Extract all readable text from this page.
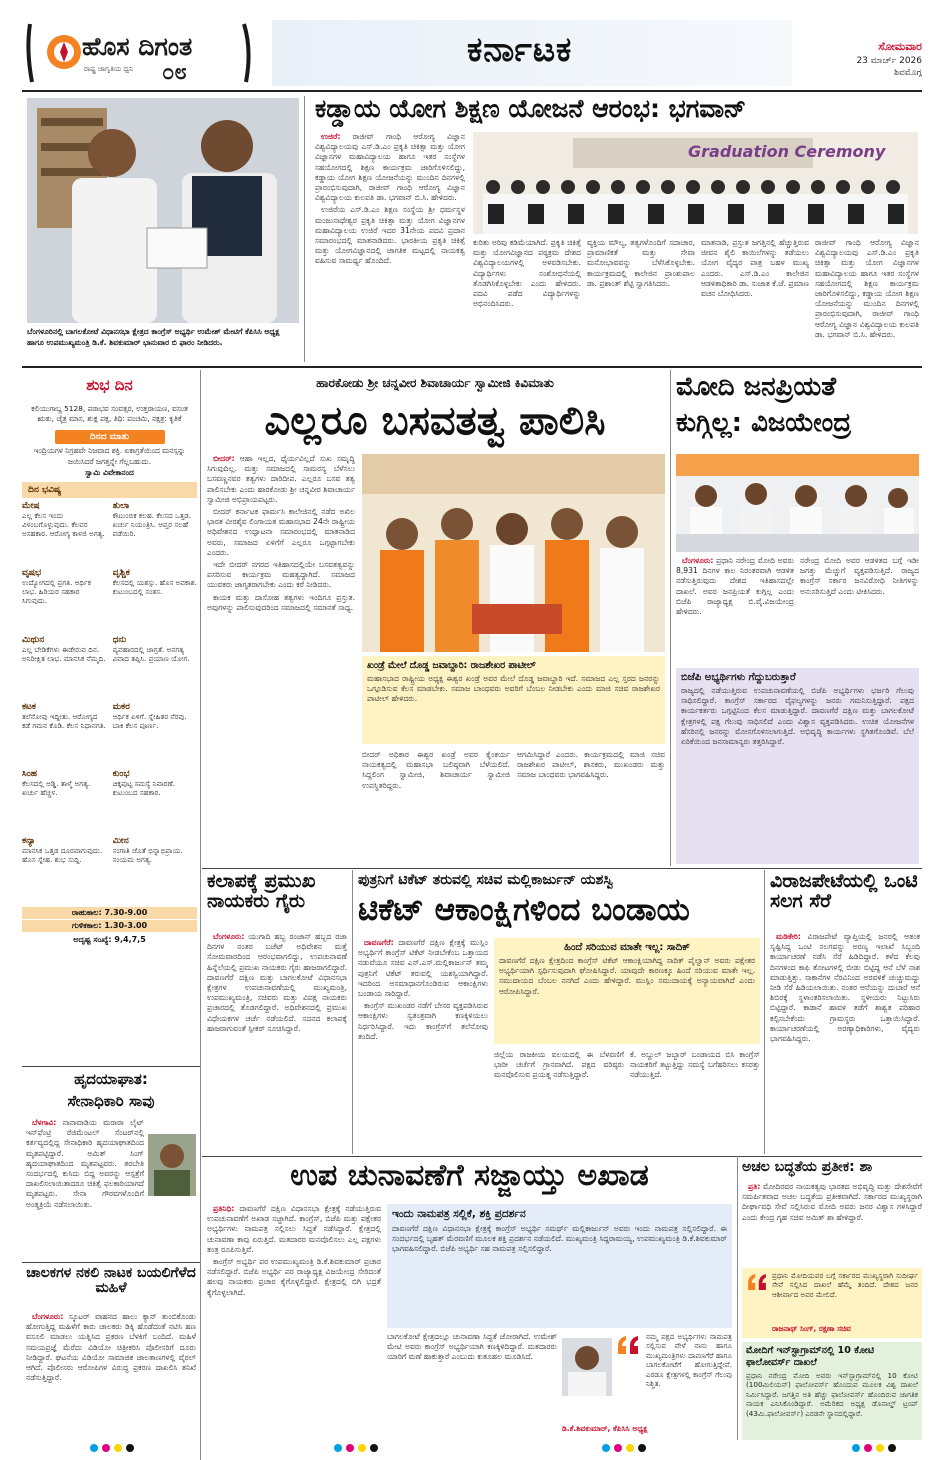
ಹೊಸ ದಿಗಂತ
ರಾಷ್ಟ್ರ ಜಾಗೃತಿಯ ಧ್ವನಿ ೦೮
ಕರ್ನಾಟಕ	ಸೋಮವಾರ
23 ಮಾರ್ಚ್ 2026
ಶಿವಮೊಗ್ಗ
ಬೆಂಗಳೂರಿನಲ್ಲಿ ಬಾಗಲಕೋಟೆ ವಿಧಾನಸಭಾ ಕ್ಷೇತ್ರದ ಕಾಂಗ್ರೆಸ್ ಅಭ್ಯರ್ಥಿ ಉಮೇಶ್ ಮೇಟಿಗೆ ಕೆಪಿಸಿಸಿ ಅಧ್ಯಕ್ಷ ಹಾಗೂ ಉಪಮುಖ್ಯಮಂತ್ರಿ ಡಿ.ಕೆ. ಶಿವಕುಮಾರ್ ಭಾನುವಾರ ಬಿ ಫಾರಂ ನೀಡಿದರು.
ಕಡ್ಡಾಯ ಯೋಗ ಶಿಕ್ಷಣ ಯೋಜನೆ ಆರಂಭ: ಭಗವಾನ್

ಉಜಿರೆ: ರಾಜೀವ್ ಗಾಂಧಿ ಆರೋಗ್ಯ ವಿಜ್ಞಾನ ವಿಶ್ವವಿದ್ಯಾಲಯವು ಎಸ್.ಡಿ.ಎಂ ಪ್ರಕೃತಿ ಚಿಕಿತ್ಸಾ ಮತ್ತು ಯೋಗ ವಿಜ್ಞಾನಗಳ ಮಹಾವಿದ್ಯಾಲಯ ಹಾಗೂ ಇತರ ಸಂಸ್ಥೆಗಳ ಸಹಯೋಗದಲ್ಲಿ ಶಿಕ್ಷಣ ಕಾರ್ಯಕ್ರಮ ಜಾರಿಗೊಳಿಸಲಿದ್ದು, ಕಡ್ಡಾಯ ಯೋಗ ಶಿಕ್ಷಣ ಯೋಜನೆಯನ್ನು ಮುಂದಿನ ದಿನಗಳಲ್ಲಿ ಪ್ರಾರಂಭಿಸುವುದಾಗಿ, ರಾಜೀವ್ ಗಾಂಧಿ ಆರೋಗ್ಯ ವಿಜ್ಞಾನ ವಿಶ್ವವಿದ್ಯಾಲಯ ಕುಲಪತಿ ಡಾ. ಭಗವಾನ್ ಬಿ.ಸಿ. ಹೇಳಿದರು.

ಉಜಿರೆಯ ಎಸ್.ಡಿ.ಎಂ ಶಿಕ್ಷಣ ಸಂಸ್ಥೆಯ ಶ್ರೀ ಧರ್ಮಸ್ಥಳ ಮಂಜುನಾಥೇಶ್ವರ ಪ್ರಕೃತಿ ಚಿಕಿತ್ಸಾ ಮತ್ತು ಯೋಗ ವಿಜ್ಞಾನಗಳ ಮಹಾವಿದ್ಯಾಲಯ ಉಜಿರೆ ಇದರ 31ನೇಯ ಪದವಿ ಪ್ರದಾನ ಸಮಾರಂಭದಲ್ಲಿ ಮಾತನಾಡಿದರು. ಭಾರತೀಯ ಪ್ರಕೃತಿ ಚಿಕಿತ್ಸೆ ಮತ್ತು ಯೋಗವಿಜ್ಞಾನದಲ್ಲಿ ಜಾಗತಿಕ ಮಟ್ಟದಲ್ಲಿ ನಾಯಕತ್ವ ವಹಿಸುವ ಸಾಮರ್ಥ್ಯ ಹೊಂದಿದೆ.

Graduation Ceremony
ಕುರಿತು ಅರಿವು ಕಡಿಮೆಯಾಗಿದೆ. ಪ್ರಕೃತಿ ಚಿಕಿತ್ಸೆ ಮತ್ತು ಯೋಗವಿಜ್ಞಾನದ ಪಠ್ಯಕ್ರಮ ದೇಶದ ವಿಶ್ವವಿದ್ಯಾಲಯಗಳಲ್ಲಿ ಅಳವಡಿಸಬೇಕು. ವಿದ್ಯಾರ್ಥಿಗಳು ಸಂಶೋಧನೆಯಲ್ಲಿ ತೊಡಗಿಸಿಕೊಳ್ಳಬೇಕು ಎಂದು ಹೇಳಿದರು. ಪದವಿ ಪಡೆದ ವಿದ್ಯಾರ್ಥಿಗಳನ್ನು ಅಭಿನಂದಿಸಿದರು.
ವ್ಯಕ್ತಿಯ ಮೌಲ್ಯ, ತತ್ವಗಳೊಂದಿಗೆ ಸದಾಚಾರ, ಪ್ರಾಮಾಣಿಕತೆ ಮತ್ತು ಸೇವಾ ಮನೋಭಾವವನ್ನು ಬೆಳೆಸಿಕೊಳ್ಳಬೇಕು. ಕಾರ್ಯಕ್ರಮದಲ್ಲಿ ಕಾಲೇಜಿನ ಪ್ರಾಂಶುಪಾಲ ಡಾ. ಪ್ರಶಾಂತ್ ಶೆಟ್ಟಿ ಸ್ವಾಗತಿಸಿದರು.
ಮಾತನಾಡಿ, ಪ್ರಸ್ತುತ ಜಗತ್ತಿನಲ್ಲಿ ಹೆಚ್ಚುತ್ತಿರುವ ಜೀವನ ಶೈಲಿ ಕಾಯಿಲೆಗಳನ್ನು ತಡೆಯಲು ಯೋಗ ವೈದ್ಯರ ಪಾತ್ರ ಬಹಳ ಮುಖ್ಯ ಎಂದರು. ಎಸ್.ಡಿ.ಎಂ ಕಾಲೇಜಿನ ಆಡಳಿತಾಧಿಕಾರಿ ಡಾ. ಸುಜಾತ ಕೆ.ಜೆ. ಪ್ರಮಾಣ ವಚನ ಬೋಧಿಸಿದರು.
ರಾಜೀವ್ ಗಾಂಧಿ ಆರೋಗ್ಯ ವಿಜ್ಞಾನ ವಿಶ್ವವಿದ್ಯಾಲಯವು ಎಸ್.ಡಿ.ಎಂ ಪ್ರಕೃತಿ ಚಿಕಿತ್ಸಾ ಮತ್ತು ಯೋಗ ವಿಜ್ಞಾನಗಳ ಮಹಾವಿದ್ಯಾಲಯ ಹಾಗೂ ಇತರ ಸಂಸ್ಥೆಗಳ ಸಹಯೋಗದಲ್ಲಿ ಶಿಕ್ಷಣ ಕಾರ್ಯಕ್ರಮ ಜಾರಿಗೊಳಿಸಲಿದ್ದು, ಕಡ್ಡಾಯ ಯೋಗ ಶಿಕ್ಷಣ ಯೋಜನೆಯನ್ನು ಮುಂದಿನ ದಿನಗಳಲ್ಲಿ ಪ್ರಾರಂಭಿಸುವುದಾಗಿ, ರಾಜೀವ್ ಗಾಂಧಿ ಆರೋಗ್ಯ ವಿಜ್ಞಾನ ವಿಶ್ವವಿದ್ಯಾಲಯ ಕುಲಪತಿ ಡಾ. ಭಗವಾನ್ ಬಿ.ಸಿ. ಹೇಳಿದರು.
ಶುಭ ದಿನ
ಕಲಿಯುಗಾಬ್ದ 5128, ಪರಾಭವ ಸಂವತ್ಸರ, ಉತ್ತರಾಯಣ, ವಸಂತ ಋತು, ಚೈತ್ರ ಮಾಸ, ಶುಕ್ಲ ಪಕ್ಷ, ತಿಥಿ: ಪಂಚಮಿ, ನಕ್ಷತ್ರ: ಕೃತಿಕೆ
ದಿನದ ಮಾತು
ಇಂದ್ರಿಯಗಳ ನಿಗ್ರಹವೇ ನಿಜವಾದ ಶಕ್ತಿ. ಏಕಾಗ್ರತೆಯಿಂದ ಮನಸ್ಸನ್ನು ಜಯಿಸಿದರೆ ಜಗತ್ತನ್ನೇ ಗೆಲ್ಲಬಹುದು.
ಸ್ವಾಮಿ ವಿವೇಕಾನಂದ
ದಿನ ಭವಿಷ್ಯ
ಮೇಷ
ಎಲ್ಲ ಕೆಲಸ ಇಂದು ವಿಳಂಬಗೊಳ್ಳುವುದು. ಕೆಲವರ ಅಸಹಕಾರ. ಆರೋಗ್ಯ ಕಾಳಜಿ ಅಗತ್ಯ.
ತುಲಾ
ಕೌಟುಂಬಿಕ ಕಲಹ. ಕೆಲಸದ ಒತ್ತಡ. ಖರ್ಚು ನಿಯಂತ್ರಿಸಿ. ಆಪ್ತರ ಸಲಹೆ ಪಡೆಯಿರಿ.
ವೃಷಭ
ಉದ್ಯೋಗದಲ್ಲಿ ಪ್ರಗತಿ. ಆರ್ಥಿಕ ಲಾಭ. ಹಿರಿಯರ ಸಹಕಾರ ಸಿಗುವುದು.
ವೃಶ್ಚಿಕ
ಕೆಲಸದಲ್ಲಿ ಯಶಸ್ಸು. ಹೊಸ ಅವಕಾಶ. ಕುಟುಂಬದಲ್ಲಿ ಸಂತಸ.
ಮಿಥುನ
ಎಲ್ಲ ಬೇಡಿಕೆಗಳು ಈಡೇರುವ ದಿನ. ಅನಿರೀಕ್ಷಿತ ಲಾಭ. ಮಾನಸಿಕ ನೆಮ್ಮದಿ.
ಧನು
ವ್ಯವಹಾರದಲ್ಲಿ ಜಾಗ್ರತೆ. ಅನಗತ್ಯ ವಿವಾದ ತಪ್ಪಿಸಿ. ಪ್ರಯಾಣ ಯೋಗ.
ಕಟಕ
ತಲೆನೋವು ಇದ್ದೀತು. ಆರೋಗ್ಯದ ಕಡೆ ಗಮನ ಕೊಡಿ. ಕೆಲಸ ನಿಧಾನಗತಿ.
ಮಕರ
ಆರ್ಥಿಕ ಏಳಿಗೆ. ಸ್ನೇಹಿತರ ನೆರವು. ಬಾಕಿ ಕೆಲಸ ಪೂರ್ಣ.
ಸಿಂಹ
ಕೆಲಸದಲ್ಲಿ ಅಡ್ಡಿ. ತಾಳ್ಮೆ ಅಗತ್ಯ. ಖರ್ಚು ಹೆಚ್ಚಳ.
ಕುಂಭ
ಚಿಕ್ಕಪುಟ್ಟ ಸಮಸ್ಯೆ ನಿವಾರಣೆ. ಕುಟುಂಬದ ಸಹಕಾರ.
ಕನ್ಯಾ
ಮಾನಸಿಕ ಒತ್ತಡ ದೂರವಾಗುವುದು. ಹೊಸ ಸ್ನೇಹ. ಶುಭ ಸುದ್ದಿ.
ಮೀನ
ಸಂಗಾತಿ ಜೊತೆ ಭಿನ್ನಾಭಿಪ್ರಾಯ. ಸಂಯಮ ಅಗತ್ಯ.
ರಾಹುಕಾಲ: 7.30-9.00
ಗುಳಿಕಕಾಲ: 1.30-3.00
ಅದೃಷ್ಟ ಸಂಖ್ಯೆ: 9,4,7,5
ಹಾರಕೋಡು ಶ್ರೀ ಚನ್ನವೀರ ಶಿವಾಚಾರ್ಯ ಸ್ವಾಮೀಜಿ ಕಿವಿಮಾತು
ಎಲ್ಲರೂ ಬಸವತತ್ವ ಪಾಲಿಸಿ

ಬೀದರ್: ಆಹಾ ಇಲ್ಲದ, ಧೈರ್ಯವಿಲ್ಲದೆ ಸುಖ ಸಮೃದ್ಧಿ ಸಿಗುವುದಿಲ್ಲ. ಮತ್ತು ಸಮಾಜದಲ್ಲಿ ಸಾಮರಸ್ಯ ಬೆಳೆಸಲು ಬಸವಣ್ಣನವರ ತತ್ವಗಳು ದಾರಿದೀಪ. ಎಲ್ಲರೂ ಬಸವ ತತ್ವ ಪಾಲಿಸಬೇಕು ಎಂದು ಹಾರಕೋಡು ಶ್ರೀ ಚನ್ನವೀರ ಶಿವಾಚಾರ್ಯ ಸ್ವಾಮೀಜಿ ಅಭಿಪ್ರಾಯಪಟ್ಟರು.

ಬೀದರ್ ಕರ್ನಾಟಕ ಫಾರ್ಮಸಿ ಕಾಲೇಜಿನಲ್ಲಿ ನಡೆದ ಅಖಿಲ ಭಾರತ ವೀರಶೈವ ಲಿಂಗಾಯತ ಮಹಾಸಭಾದ 24ನೇ ರಾಷ್ಟ್ರೀಯ ಅಧಿವೇಶನದ ಉದ್ಘಾಟನಾ ಸಮಾರಂಭದಲ್ಲಿ ಮಾತನಾಡಿದ ಅವರು, ಸಮಾಜದ ಏಳಿಗೆಗೆ ಎಲ್ಲರೂ ಒಗ್ಗಟ್ಟಾಗಬೇಕು ಎಂದರು.

ಇದೇ ಬೀದರ್ ನಗರದ ಇತಿಹಾಸದಲ್ಲಿಯೇ ಬಸವತತ್ವವನ್ನು ಪಸರಿಸುವ ಕಾರ್ಯಕ್ರಮ ಮಹತ್ವದ್ದಾಗಿದೆ. ಸಮಾಜದ ಯುವಕರು ಜಾಗೃತರಾಗಬೇಕು ಎಂದು ಕರೆ ನೀಡಿದರು.

ಕಾಯಕ ಮತ್ತು ದಾಸೋಹ ತತ್ವಗಳು ಇಂದಿಗೂ ಪ್ರಸ್ತುತ. ಅವುಗಳನ್ನು ಪಾಲಿಸುವುದರಿಂದ ಸಮಾಜದಲ್ಲಿ ಸಮಾನತೆ ಸಾಧ್ಯ.

ಖಂಡ್ರೆ ಮೇಲೆ ದೊಡ್ಡ ಜವಾಬ್ದಾರಿ: ರಾಜಶೇಖರ ಪಾಟೀಲ್
ಮಹಾಸಭಾದ ರಾಷ್ಟ್ರೀಯ ಅಧ್ಯಕ್ಷ ಈಶ್ವರ ಖಂಡ್ರೆ ಅವರ ಮೇಲೆ ದೊಡ್ಡ ಜವಾಬ್ದಾರಿ ಇದೆ. ಸಮಾಜದ ಎಲ್ಲ ಸ್ತರದ ಜನರನ್ನು ಒಗ್ಗೂಡಿಸುವ ಕೆಲಸ ಮಾಡಬೇಕು. ಸಮಾಜ ಬಾಂಧವರು ಅವರಿಗೆ ಬೆಂಬಲ ನೀಡಬೇಕು ಎಂದು ಮಾಜಿ ಸಚಿವ ರಾಜಶೇಖರ ಪಾಟೀಲ್ ಹೇಳಿದರು.
ಬೀದರ್ ಅಧಿಕಾರ ಈಶ್ವರ ಖಂಡ್ರೆ ಅವರ ಕೈಂಕರ್ಯ ನಾಯಕತ್ವದಲ್ಲಿ ಮಹಾಸಭಾ ಬಲಿಷ್ಠವಾಗಿ ಬೆಳೆಯಲಿದೆ. ಸಿದ್ದಲಿಂಗ ಸ್ವಾಮೀಜಿ, ಶಿವಾಚಾರ್ಯ ಸ್ವಾಮೀಜಿ ಉಪಸ್ಥಿತರಿದ್ದರು.
ಆಗಮಿಸಿದ್ದಾರೆ ಎಂದರು. ಕಾರ್ಯಕ್ರಮದಲ್ಲಿ ಮಾಜಿ ಸಚಿವ ರಾಜಶೇಖರ ಪಾಟೀಲ್, ಶಾಸಕರು, ಮುಖಂಡರು ಮತ್ತು ಸಮಾಜ ಬಾಂಧವರು ಭಾಗವಹಿಸಿದ್ದರು.
ಮೋದಿ ಜನಪ್ರಿಯತೆ
ಕುಗ್ಗಿಲ್ಲ: ವಿಜಯೇಂದ್ರ

ಬೆಂಗಳೂರು: ಪ್ರಧಾನಿ ನರೇಂದ್ರ ಮೋದಿ ಅವರು 8,931 ದಿನಗಳ ಕಾಲ ನಿರಂತರವಾಗಿ ಆಡಳಿತ ನಡೆಸುತ್ತಿರುವುದು ದೇಶದ ಇತಿಹಾಸದಲ್ಲೇ ದಾಖಲೆ. ಅವರ ಜನಪ್ರಿಯತೆ ಕುಗ್ಗಿಲ್ಲ ಎಂದು ಬಿಜೆಪಿ ರಾಜ್ಯಾಧ್ಯಕ್ಷ ಬಿ.ವೈ.ವಿಜಯೇಂದ್ರ ಹೇಳಿದರು.

ನರೇಂದ್ರ ಮೋದಿ ಅವರ ಆಡಳಿತದ ಬಗ್ಗೆ ಇಡೀ ಜಗತ್ತು ಮೆಚ್ಚುಗೆ ವ್ಯಕ್ತಪಡಿಸುತ್ತಿದೆ. ರಾಜ್ಯದ ಕಾಂಗ್ರೆಸ್ ಸರ್ಕಾರ ಜನವಿರೋಧಿ ನೀತಿಗಳನ್ನು ಅನುಸರಿಸುತ್ತಿದೆ ಎಂದು ಟೀಕಿಸಿದರು.
ಬಿಜೆಪಿ ಅಭ್ಯರ್ಥಿಗಳು ಗೆದ್ದುಬರುತ್ತಾರೆ
ರಾಜ್ಯದಲ್ಲಿ ನಡೆಯುತ್ತಿರುವ ಉಪಚುನಾವಣೆಯಲ್ಲಿ ಬಿಜೆಪಿ ಅಭ್ಯರ್ಥಿಗಳು ಭರ್ಜರಿ ಗೆಲುವು ಸಾಧಿಸಲಿದ್ದಾರೆ. ಕಾಂಗ್ರೆಸ್ ಸರ್ಕಾರದ ವೈಫಲ್ಯಗಳನ್ನು ಜನರು ಗಮನಿಸುತ್ತಿದ್ದಾರೆ. ಪಕ್ಷದ ಕಾರ್ಯಕರ್ತರು ಒಗ್ಗಟ್ಟಿನಿಂದ ಕೆಲಸ ಮಾಡುತ್ತಿದ್ದಾರೆ. ದಾವಣಗೆರೆ ದಕ್ಷಿಣ ಮತ್ತು ಬಾಗಲಕೋಟೆ ಕ್ಷೇತ್ರಗಳಲ್ಲಿ ಪಕ್ಷ ಗೆಲುವು ಸಾಧಿಸಲಿದೆ ಎಂದು ವಿಶ್ವಾಸ ವ್ಯಕ್ತಪಡಿಸಿದರು. ಉಚಿತ ಯೋಜನೆಗಳ ಹೆಸರಿನಲ್ಲಿ ಜನರನ್ನು ಮೋಸಗೊಳಿಸಲಾಗುತ್ತಿದೆ. ಅಭಿವೃದ್ಧಿ ಕಾರ್ಯಗಳು ಸ್ಥಗಿತಗೊಂಡಿವೆ. ಬೆಲೆ ಏರಿಕೆಯಿಂದ ಜನಸಾಮಾನ್ಯರು ತತ್ತರಿಸಿದ್ದಾರೆ.
ಕಲಾಪಕ್ಕೆ ಪ್ರಮುಖ ನಾಯಕರು ಗೈರು

ಬೆಂಗಳೂರು: ಯುಗಾದಿ ಹಬ್ಬ ರಂಜಾನ್ ಹಬ್ಬದ ರಜಾ ದಿನಗಳ ನಂತರ ಬಜೆಟ್ ಅಧಿವೇಶನ ಮತ್ತೆ ಸೋಮವಾರದಿಂದ ಆರಂಭವಾಗಲಿದ್ದು, ಉಪಚುನಾವಣೆ ಹಿನ್ನೆಲೆಯಲ್ಲಿ ಪ್ರಮುಖ ನಾಯಕರು ಗೈರು ಹಾಜರಾಗಲಿದ್ದಾರೆ. ದಾವಣಗೆರೆ ದಕ್ಷಿಣ ಮತ್ತು ಬಾಗಲಕೋಟೆ ವಿಧಾನಸಭಾ ಕ್ಷೇತ್ರಗಳ ಉಪಚುನಾವಣೆಯಲ್ಲಿ ಮುಖ್ಯಮಂತ್ರಿ, ಉಪಮುಖ್ಯಮಂತ್ರಿ, ಸಚಿವರು ಮತ್ತು ವಿಪಕ್ಷ ನಾಯಕರು ಪ್ರಚಾರದಲ್ಲಿ ತೊಡಗಲಿದ್ದಾರೆ. ಅಧಿವೇಶನದಲ್ಲಿ ಪ್ರಮುಖ ವಿಧೇಯಕಗಳ ಚರ್ಚೆ ನಡೆಯಲಿದೆ. ಸದನದ ಕಲಾಪಕ್ಕೆ ಹಾಜರಾಗುವಂತೆ ಸ್ಪೀಕರ್ ಸೂಚಿಸಿದ್ದಾರೆ.

ಪುತ್ರನಿಗೆ ಟಿಕೆಟ್ ತರುವಲ್ಲಿ ಸಚಿವ ಮಲ್ಲಿಕಾರ್ಜುನ್ ಯಶಸ್ವಿ
ಟಿಕೆಟ್ ಆಕಾಂಕ್ಷಿಗಳಿಂದ ಬಂಡಾಯ

ದಾವಣಗೆರೆ: ದಾವಣಗೆರೆ ದಕ್ಷಿಣ ಕ್ಷೇತ್ರಕ್ಕೆ ಮುಸ್ಲಿಂ ಅಭ್ಯರ್ಥಿಗೆ ಕಾಂಗ್ರೆಸ್ ಟಿಕೆಟ್ ನೀಡಬೇಕೆಂಬ ಒತ್ತಾಯದ ನಡುವೆಯೂ ಸಚಿವ ಎಸ್.ಎಸ್.ಮಲ್ಲಿಕಾರ್ಜುನ್ ತಮ್ಮ ಪುತ್ರನಿಗೆ ಟಿಕೆಟ್ ತರುವಲ್ಲಿ ಯಶಸ್ವಿಯಾಗಿದ್ದಾರೆ. ಇದರಿಂದ ಅಸಮಾಧಾನಗೊಂಡಿರುವ ಆಕಾಂಕ್ಷಿಗಳು ಬಂಡಾಯ ಸಾರಿದ್ದಾರೆ.

ಕಾಂಗ್ರೆಸ್ ಮುಖಂಡರ ನಡೆಗೆ ಬೇಸರ ವ್ಯಕ್ತಪಡಿಸಿರುವ ಆಕಾಂಕ್ಷಿಗಳು ಸ್ವತಂತ್ರವಾಗಿ ಕಣಕ್ಕಿಳಿಯಲು ನಿರ್ಧರಿಸಿದ್ದಾರೆ. ಇದು ಕಾಂಗ್ರೆಸ್‌ಗೆ ತಲೆನೋವು ತಂದಿದೆ.

ಹಿಂದೆ ಸರಿಯುವ ಮಾತೇ ಇಲ್ಲ: ಸಾದಿಕ್
ದಾವಣಗೆರೆ ದಕ್ಷಿಣ ಕ್ಷೇತ್ರದಿಂದ ಕಾಂಗ್ರೆಸ್ ಟಿಕೆಟ್ ಆಕಾಂಕ್ಷಿಯಾಗಿದ್ದ ಸಾದಿಕ್ ಪೈಲ್ವಾನ್ ಅವರು ಪಕ್ಷೇತರ ಅಭ್ಯರ್ಥಿಯಾಗಿ ಸ್ಪರ್ಧಿಸುವುದಾಗಿ ಘೋಷಿಸಿದ್ದಾರೆ. ಯಾವುದೇ ಕಾರಣಕ್ಕೂ ಹಿಂದೆ ಸರಿಯುವ ಮಾತೇ ಇಲ್ಲ. ಸಮುದಾಯದ ಬೆಂಬಲ ನನಗಿದೆ ಎಂದು ಹೇಳಿದ್ದಾರೆ. ಮುಸ್ಲಿಂ ಸಮುದಾಯಕ್ಕೆ ಅನ್ಯಾಯವಾಗಿದೆ ಎಂದು ಆರೋಪಿಸಿದ್ದಾರೆ.
ಜಿಲ್ಲೆಯ ರಾಜಕೀಯ ವಲಯದಲ್ಲಿ ಈ ಬೆಳವಣಿಗೆ ಭಾರೀ ಚರ್ಚೆಗೆ ಗ್ರಾಸವಾಗಿದೆ. ಪಕ್ಷದ ವರಿಷ್ಠರು ಮನವೊಲಿಸುವ ಪ್ರಯತ್ನ ನಡೆಸುತ್ತಿದ್ದಾರೆ.
ಕೆ. ಅಬ್ದುಲ್ ಜಬ್ಬಾರ್ ಬಂಡಾಯದ ಬಿಸಿ ಕಾಂಗ್ರೆಸ್ ನಾಯಕರಿಗೆ ತಟ್ಟುತ್ತಿದ್ದು ಸಮಸ್ಯೆ ಬಗೆಹರಿಸಲು ಕಸರತ್ತು ನಡೆಯುತ್ತಿದೆ.
ವಿರಾಜಪೇಟೆಯಲ್ಲಿ ಒಂಟಿ ಸಲಗ ಸೆರೆ

ಮಡಿಕೇರಿ: ವಿರಾಜಪೇಟೆ ವ್ಯಾಪ್ತಿಯಲ್ಲಿ ಜನರಲ್ಲಿ ಆತಂಕ ಸೃಷ್ಟಿಸಿದ್ದ ಒಂಟಿ ಸಲಗವನ್ನು ಅರಣ್ಯ ಇಲಾಖೆ ಸಿಬ್ಬಂದಿ ಕಾರ್ಯಾಚರಣೆ ನಡೆಸಿ ಸೆರೆ ಹಿಡಿದಿದ್ದಾರೆ. ಕಳೆದ ಕೆಲವು ದಿನಗಳಿಂದ ಕಾಫಿ ತೋಟಗಳಲ್ಲಿ ಬೀಡು ಬಿಟ್ಟಿದ್ದ ಆನೆ ಬೆಳೆ ನಾಶ ಮಾಡುತ್ತಿತ್ತು. ಸಾಕಾನೆಗಳ ನೆರವಿನಿಂದ ಅರವಳಿಕೆ ಚುಚ್ಚುಮದ್ದು ನೀಡಿ ಸೆರೆ ಹಿಡಿಯಲಾಯಿತು. ನಂತರ ಆನೆಯನ್ನು ದುಬಾರೆ ಆನೆ ಶಿಬಿರಕ್ಕೆ ಸ್ಥಳಾಂತರಿಸಲಾಯಿತು. ಸ್ಥಳೀಯರು ನಿಟ್ಟುಸಿರು ಬಿಟ್ಟಿದ್ದಾರೆ. ಕಾಡಾನೆ ಹಾವಳಿ ತಡೆಗೆ ಶಾಶ್ವತ ಪರಿಹಾರ ಕಲ್ಪಿಸಬೇಕೆಂದು ಗ್ರಾಮಸ್ಥರು ಒತ್ತಾಯಿಸಿದ್ದಾರೆ. ಕಾರ್ಯಾಚರಣೆಯಲ್ಲಿ ಅರಣ್ಯಾಧಿಕಾರಿಗಳು, ವೈದ್ಯರು ಭಾಗವಹಿಸಿದ್ದರು.

ಹೃದಯಾಘಾತ:
ಸೇನಾಧಿಕಾರಿ ಸಾವು

ಬೆಳಗಾವಿ: ನಾನಾವಾಡಿಯ ಮರಾಠಾ ಲೈಟ್ ಇನ್‌ಫೆಂಟ್ರಿ ರೆಜಿಮೆಂಟಲ್ ಸೆಂಟರ್‌ನಲ್ಲಿ ಕರ್ತವ್ಯದಲ್ಲಿದ್ದ ಸೇನಾಧಿಕಾರಿ ಹೃದಯಾಘಾತದಿಂದ ಮೃತಪಟ್ಟಿದ್ದಾರೆ. ಅಮಿತ್ ಸಿಂಗ್ ಹೃದಯಾಘಾತದಿಂದ ಮೃತಪಟ್ಟವರು. ತರಬೇತಿ ಸಂದರ್ಭದಲ್ಲಿ ಕುಸಿದು ಬಿದ್ದ ಅವರನ್ನು ಆಸ್ಪತ್ರೆಗೆ ದಾಖಲಿಸಲಾಯಿತಾದರೂ ಚಿಕಿತ್ಸೆ ಫಲಕಾರಿಯಾಗದೆ ಮೃತಪಟ್ಟರು. ಸೇನಾ ಗೌರವಗಳೊಂದಿಗೆ ಅಂತ್ಯಕ್ರಿಯೆ ನಡೆಸಲಾಯಿತು.

ಚಾಲಕಗಳ ನಕಲಿ ನಾಟಕ ಬಯಲಿಗೆಳೆದ ಮಹಿಳೆ

ಬೆಂಗಳೂರು: ಸ್ಕೂಟರ್ ವಾಹನದ ಹಾಲು ಕ್ಯಾನ್ ತುಂಬಿಕೊಂಡು ಹೋಗುತ್ತಿದ್ದ ಮಹಿಳೆಗೆ ಕಾರು ಚಾಲಕರು ಡಿಕ್ಕಿ ಹೊಡೆದಂತೆ ನಟಿಸಿ ಹಣ ವಸೂಲಿ ಮಾಡಲು ಯತ್ನಿಸಿದ ಪ್ರಕರಣ ಬೆಳಕಿಗೆ ಬಂದಿದೆ. ಮಹಿಳೆ ಸಮಯಪ್ರಜ್ಞೆ ಮೆರೆದು ವಿಡಿಯೋ ಚಿತ್ರೀಕರಿಸಿ ಪೊಲೀಸರಿಗೆ ದೂರು ನೀಡಿದ್ದಾರೆ. ಘಟನೆಯ ವಿಡಿಯೋ ಸಾಮಾಜಿಕ ಜಾಲತಾಣಗಳಲ್ಲಿ ವೈರಲ್ ಆಗಿದೆ. ಪೊಲೀಸರು ಆರೋಪಿಗಳ ವಿರುದ್ಧ ಪ್ರಕರಣ ದಾಖಲಿಸಿ ತನಿಖೆ ನಡೆಸುತ್ತಿದ್ದಾರೆ.

ಉಪ ಚುನಾವಣೆಗೆ ಸಜ್ಜಾಯ್ತು ಅಖಾಡ

ಪ್ರತಿನಿಧಿ: ದಾವಣಗೆರೆ ದಕ್ಷಿಣ ವಿಧಾನಸಭಾ ಕ್ಷೇತ್ರಕ್ಕೆ ನಡೆಯುತ್ತಿರುವ ಉಪಚುನಾವಣೆಗೆ ಅಖಾಡ ಸಜ್ಜಾಗಿದೆ. ಕಾಂಗ್ರೆಸ್, ಬಿಜೆಪಿ ಮತ್ತು ಪಕ್ಷೇತರ ಅಭ್ಯರ್ಥಿಗಳು ನಾಮಪತ್ರ ಸಲ್ಲಿಸಲು ಸಿದ್ಧತೆ ನಡೆಸಿದ್ದಾರೆ. ಕ್ಷೇತ್ರದಲ್ಲಿ ಚುನಾವಣಾ ಕಾವು ಏರುತ್ತಿದೆ. ಮತದಾರರ ಮನವೊಲಿಸಲು ಎಲ್ಲ ಪಕ್ಷಗಳು ತಂತ್ರ ರೂಪಿಸುತ್ತಿವೆ.

ಕಾಂಗ್ರೆಸ್ ಅಭ್ಯರ್ಥಿ ಪರ ಉಪಮುಖ್ಯಮಂತ್ರಿ ಡಿ.ಕೆ.ಶಿವಕುಮಾರ್ ಪ್ರಚಾರ ನಡೆಸಲಿದ್ದಾರೆ. ಬಿಜೆಪಿ ಅಭ್ಯರ್ಥಿ ಪರ ರಾಜ್ಯಾಧ್ಯಕ್ಷ ವಿಜಯೇಂದ್ರ ಸೇರಿದಂತೆ ಹಲವು ನಾಯಕರು ಪ್ರಚಾರ ಕೈಗೊಳ್ಳಲಿದ್ದಾರೆ. ಕ್ಷೇತ್ರದಲ್ಲಿ ಬಿಗಿ ಭದ್ರತೆ ಕೈಗೊಳ್ಳಲಾಗಿದೆ.

ಇಂದು ನಾಮಪತ್ರ ಸಲ್ಲಿಕೆ, ಶಕ್ತಿ ಪ್ರದರ್ಶನ
ದಾವಣಗೆರೆ ದಕ್ಷಿಣ ವಿಧಾನಸಭಾ ಕ್ಷೇತ್ರಕ್ಕೆ ಕಾಂಗ್ರೆಸ್ ಅಭ್ಯರ್ಥಿ ಸಮರ್ಥ್ ಮಲ್ಲಿಕಾರ್ಜುನ್ ಅವರು ಇಂದು ನಾಮಪತ್ರ ಸಲ್ಲಿಸಲಿದ್ದಾರೆ. ಈ ಸಂದರ್ಭದಲ್ಲಿ ಬೃಹತ್ ಮೆರವಣಿಗೆ ಮೂಲಕ ಶಕ್ತಿ ಪ್ರದರ್ಶನ ನಡೆಯಲಿದೆ. ಮುಖ್ಯಮಂತ್ರಿ ಸಿದ್ದರಾಮಯ್ಯ, ಉಪಮುಖ್ಯಮಂತ್ರಿ ಡಿ.ಕೆ.ಶಿವಕುಮಾರ್ ಭಾಗವಹಿಸಲಿದ್ದಾರೆ. ಬಿಜೆಪಿ ಅಭ್ಯರ್ಥಿ ಸಹ ನಾಮಪತ್ರ ಸಲ್ಲಿಸಲಿದ್ದಾರೆ.
ಬಾಗಲಕೋಟೆ ಕ್ಷೇತ್ರದಲ್ಲೂ ಚುನಾವಣಾ ಸಿದ್ಧತೆ ಜೋರಾಗಿದೆ. ಉಮೇಶ್ ಮೇಟಿ ಅವರು ಕಾಂಗ್ರೆಸ್ ಅಭ್ಯರ್ಥಿಯಾಗಿ ಕಣಕ್ಕಿಳಿದಿದ್ದಾರೆ. ಮತದಾರರು ಯಾರಿಗೆ ಮಣೆ ಹಾಕುತ್ತಾರೆ ಎಂಬುದು ಕುತೂಹಲ ಮೂಡಿಸಿದೆ.
ನಮ್ಮ ಪಕ್ಷದ ಅಭ್ಯರ್ಥಿಗಳು ನಾಮಪತ್ರ ಸಲ್ಲಿಸುವ ವೇಳೆ ನಾನು ಹಾಗೂ ಮುಖ್ಯಮಂತ್ರಿಗಳು ದಾವಣಗೆರೆ ಹಾಗೂ ಬಾಗಲಕೋಟೆಗೆ ಹೋಗುತ್ತಿದ್ದೇವೆ. ಎರಡೂ ಕ್ಷೇತ್ರಗಳಲ್ಲಿ ಕಾಂಗ್ರೆಸ್ ಗೆಲುವು ನಿಶ್ಚಿತ.
ಡಿ.ಕೆ.ಶಿವಕುಮಾರ್, ಕೆಪಿಸಿಸಿ ಅಧ್ಯಕ್ಷ
ಅಚಲ ಬದ್ಧತೆಯ ಪ್ರತೀಕ: ಶಾ

ಪ್ರತಿ: ಮೋದಿರವರ ನಾಯಕತ್ವವು ಭಾರತದ ಅಭಿವೃದ್ಧಿ ಮತ್ತು ದೇಶಸೇವೆಗೆ ಸಮರ್ಪಿತವಾದ ಅಚಲ ಬದ್ಧತೆಯ ಪ್ರತೀಕವಾಗಿದೆ. ಸರ್ಕಾರದ ಮುಖ್ಯಸ್ಥರಾಗಿ ದೀರ್ಘಾವಧಿ ಸೇವೆ ಸಲ್ಲಿಸಿರುವ ಮೋದಿ ಅವರು ಜನರ ವಿಶ್ವಾಸ ಗಳಿಸಿದ್ದಾರೆ ಎಂದು ಕೇಂದ್ರ ಗೃಹ ಸಚಿವ ಅಮಿತ್ ಶಾ ಹೇಳಿದ್ದಾರೆ.

ಪ್ರಧಾನಿ ಮೋದಿಯವರ ಬಗ್ಗೆ ಸರ್ಕಾರದ ಮುಖ್ಯಸ್ಥರಾಗಿ ಸುದೀರ್ಘ ಸೇವೆ ಸಲ್ಲಿಸಿದ ದಾಖಲೆ ಹೆಮ್ಮೆ ತಂದಿದೆ. ದೇಶದ ಜನರ ಆಶೀರ್ವಾದ ಅವರ ಮೇಲಿದೆ.
ರಾಜನಾಥ್ ಸಿಂಗ್, ರಕ್ಷಣಾ ಸಚಿವ
ಮೋದಿಗೆ ಇನ್‌ಸ್ಟಾಗ್ರಾಮ್‌ನಲ್ಲಿ 10 ಕೋಟಿ ಫಾಲೋವರ್ಸ್ ದಾಖಲೆ
ಪ್ರಧಾನಿ ನರೇಂದ್ರ ಮೋದಿ ಅವರು ಇನ್‌ಸ್ಟಾಗ್ರಾಮ್‌ನಲ್ಲಿ 10 ಕೋಟಿ (100ಮಿಲಿಯನ್) ಫಾಲೋವರ್ಸ್ ಹೊಂದುವ ಮೂಲಕ ವಿಶ್ವ ದಾಖಲೆ ನಿರ್ಮಿಸಿದ್ದಾರೆ. ಜಗತ್ತಿನ ಅತಿ ಹೆಚ್ಚು ಫಾಲೋವರ್ಸ್ ಹೊಂದಿರುವ ಜಾಗತಿಕ ನಾಯಕ ಎನಿಸಿಕೊಂಡಿದ್ದಾರೆ. ಅಮೆರಿಕದ ಅಧ್ಯಕ್ಷ ಡೊನಾಲ್ಡ್ ಟ್ರಂಪ್ (43ಮಿ.ಫಾಲೋವರ್ಸ್) ಎರಡನೇ ಸ್ಥಾನದಲ್ಲಿದ್ದಾರೆ.
